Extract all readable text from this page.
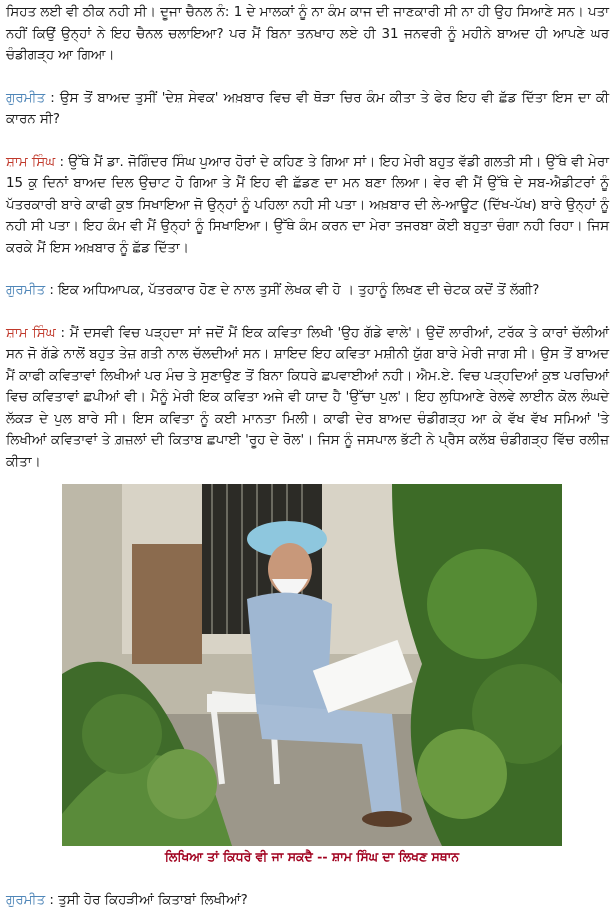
ਸਿਹਤ ਲਈ ਵੀ ਠੀਕ ਨਹੀ ਸੀ। ਦੂਜਾ ਚੈਨਲ ਨੰ: 1 ਦੇ ਮਾਲਕਾਂ ਨੂੰ ਨਾ ਕੰਮ ਕਾਜ ਦੀ ਜਾਣਕਾਰੀ ਸੀ ਨਾ ਹੀ ਉਹ ਸਿਆਣੇ ਸਨ। ਪਤਾ ਨਹੀਂ ਕਿਉਂ ਉਨ੍ਹਾਂ ਨੇ ਇਹ ਚੈਨਲ ਚਲਾਇਆ? ਪਰ ਮੈਂ ਬਿਨਾ ਤਨਖਾਹ ਲਏ ਹੀ 31 ਜਨਵਰੀ ਨੂੰ ਮਹੀਨੇ ਬਾਅਦ ਹੀ ਆਪਣੇ ਘਰ ਚੰਡੀਗੜ੍ਹ ਆ ਗਿਆ।

ਗੁਰਮੀਤ : ਉਸ ਤੋਂ ਬਾਅਦ ਤੁਸੀਂ 'ਦੇਸ਼ ਸੇਵਕ' ਅਖ਼ਬਾਰ ਵਿਚ ਵੀ ਥੋੜਾ ਚਿਰ ਕੰਮ ਕੀਤਾ ਤੇ ਫੇਰ ਇਹ ਵੀ ਛੱਡ ਦਿੱਤਾ ਇਸ ਦਾ ਕੀ ਕਾਰਨ ਸੀ?

ਸ਼ਾਮ ਸਿੰਘ : ਉੱਥੇ ਮੈਂ ਡਾ. ਜੋਗਿੰਦਰ ਸਿੰਘ ਪੁਆਰ ਹੋਰਾਂ ਦੇ ਕਹਿਣ ਤੇ ਗਿਆ ਸਾਂ। ਇਹ ਮੇਰੀ ਬਹੁਤ ਵੱਡੀ ਗਲਤੀ ਸੀ। ਉੱਥੇ ਵੀ ਮੇਰਾ 15 ਕੁ ਦਿਨਾਂ ਬਾਅਦ ਦਿਲ ਉਚਾਟ ਹੋ ਗਿਆ ਤੇ ਮੈਂ ਇਹ ਵੀ ਛੱਡਣ ਦਾ ਮਨ ਬਣਾ ਲਿਆ। ਵੇਰ ਵੀ ਮੈਂ ਉੱਥੇ ਦੇ ਸਬ-ਐਡੀਟਰਾਂ ਨੂੰ ਪੱਤਰਕਾਰੀ ਬਾਰੇ ਕਾਫੀ ਕੁਝ ਸਿਖਾਇਆ ਜੋ ਉਨ੍ਹਾਂ ਨੂੰ ਪਹਿਲਾ ਨਹੀ ਸੀ ਪਤਾ। ਅਖ਼ਬਾਰ ਦੀ ਲੇ-ਆਊਟ (ਦਿੱਖ-ਪੱਖ) ਬਾਰੇ ਉਨ੍ਹਾਂ ਨੂੰ ਨਹੀ ਸੀ ਪਤਾ। ਇਹ ਕੰਮ ਵੀ ਮੈਂ ਉਨ੍ਹਾਂ ਨੂੰ ਸਿਖਾਇਆ। ਉੱਥੇ ਕੰਮ ਕਰਨ ਦਾ ਮੇਰਾ ਤਜਰਬਾ ਕੋਈ ਬਹੁਤਾ ਚੰਗਾ ਨਹੀ ਰਿਹਾ। ਜਿਸ ਕਰਕੇ ਮੈਂ ਇਸ ਅਖ਼ਬਾਰ ਨੂੰ ਛੱਡ ਦਿੱਤਾ।

ਗੁਰਮੀਤ : ਇਕ ਅਧਿਆਪਕ, ਪੱਤਰਕਾਰ ਹੋਣ ਦੇ ਨਾਲ ਤੁਸੀਂ ਲੇਖਕ ਵੀ ਹੋ । ਤੁਹਾਨੂੰ ਲਿਖਣ ਦੀ ਚੇਟਕ ਕਦੋਂ ਤੋਂ ਲੱਗੀ?

ਸ਼ਾਮ ਸਿੰਘ : ਮੈਂ ਦਸਵੀ ਵਿਚ ਪੜ੍ਹਦਾ ਸਾਂ ਜਦੋਂ ਮੈਂ ਇਕ ਕਵਿਤਾ ਲਿਖੀ 'ਉਹ ਗੱਡੇ ਵਾਲੇ'। ਉਦੋਂ ਲਾਰੀਆਂ, ਟਰੱਕ ਤੇ ਕਾਰਾਂ ਚੱਲੀਆਂ ਸਨ ਜੋ ਗੱਡੇ ਨਾਲੋਂ ਬਹੁਤ ਤੇਜ਼ ਗਤੀ ਨਾਲ ਚੱਲਦੀਆਂ ਸਨ। ਸ਼ਾਇਦ ਇਹ ਕਵਿਤਾ ਮਸ਼ੀਨੀ ਯੁੱਗ ਬਾਰੇ ਮੇਰੀ ਜਾਗ ਸੀ। ਉਸ ਤੋਂ ਬਾਅਦ ਮੈਂ ਕਾਫੀ ਕਵਿਤਾਵਾਂ ਲਿਖੀਆਂ ਪਰ ਮੰਚ ਤੇ ਸੁਣਾਉਣ ਤੋਂ ਬਿਨਾ ਕਿਧਰੇ ਛਪਵਾਈਆਂ ਨਹੀ। ਐਮ.ਏ. ਵਿਚ ਪੜ੍ਹਦਿਆਂ ਕੁਝ ਪਰਚਿਆਂ ਵਿਚ ਕਵਿਤਾਵਾਂ ਛਪੀਆਂ ਵੀ। ਮੈਨੂੰ ਮੇਰੀ ਇਕ ਕਵਿਤਾ ਅਜੇ ਵੀ ਯਾਦ ਹੈ 'ਉੱਚਾ ਪੁਲ'। ਇਹ ਲੁਧਿਆਣੇ ਰੇਲਵੇ ਲਾਈਨ ਕੋਲ ਲੰਘਦੇ ਲੱਕੜ ਦੇ ਪੁਲ ਬਾਰੇ ਸੀ। ਇਸ ਕਵਿਤਾ ਨੂੰ ਕਈ ਮਾਨਤਾ ਮਿਲੀ। ਕਾਫੀ ਦੇਰ ਬਾਅਦ ਚੰਡੀਗੜ੍ਹ ਆ ਕੇ ਵੱਖ ਵੱਖ ਸਮਿਆਂ 'ਤੇ ਲਿਖੀਆਂ ਕਵਿਤਾਵਾਂ ਤੇ ਗ਼ਜ਼ਲਾਂ ਦੀ ਕਿਤਾਬ ਛਪਾਈ 'ਰੂਹ ਦੇ ਰੋਲ'। ਜਿਸ ਨੂੰ ਜਸਪਾਲ ਭੱਟੀ ਨੇ ਪ੍ਰੈਸ ਕਲੱਬ ਚੰਡੀਗੜ੍ਹ ਵਿੱਚ ਰਲੀਜ਼ ਕੀਤਾ।

ਲਿਖਿਆ ਤਾਂ ਕਿਧਰੇ ਵੀ ਜਾ ਸਕਦੈ -- ਸ਼ਾਮ ਸਿੰਘ ਦਾ ਲਿਖਣ ਸਥਾਨ

ਗੁਰਮੀਤ : ਤੁਸੀ ਹੋਰ ਕਿਹੜੀਆਂ ਕਿਤਾਬਾਂ ਲਿਖੀਆਂ?
